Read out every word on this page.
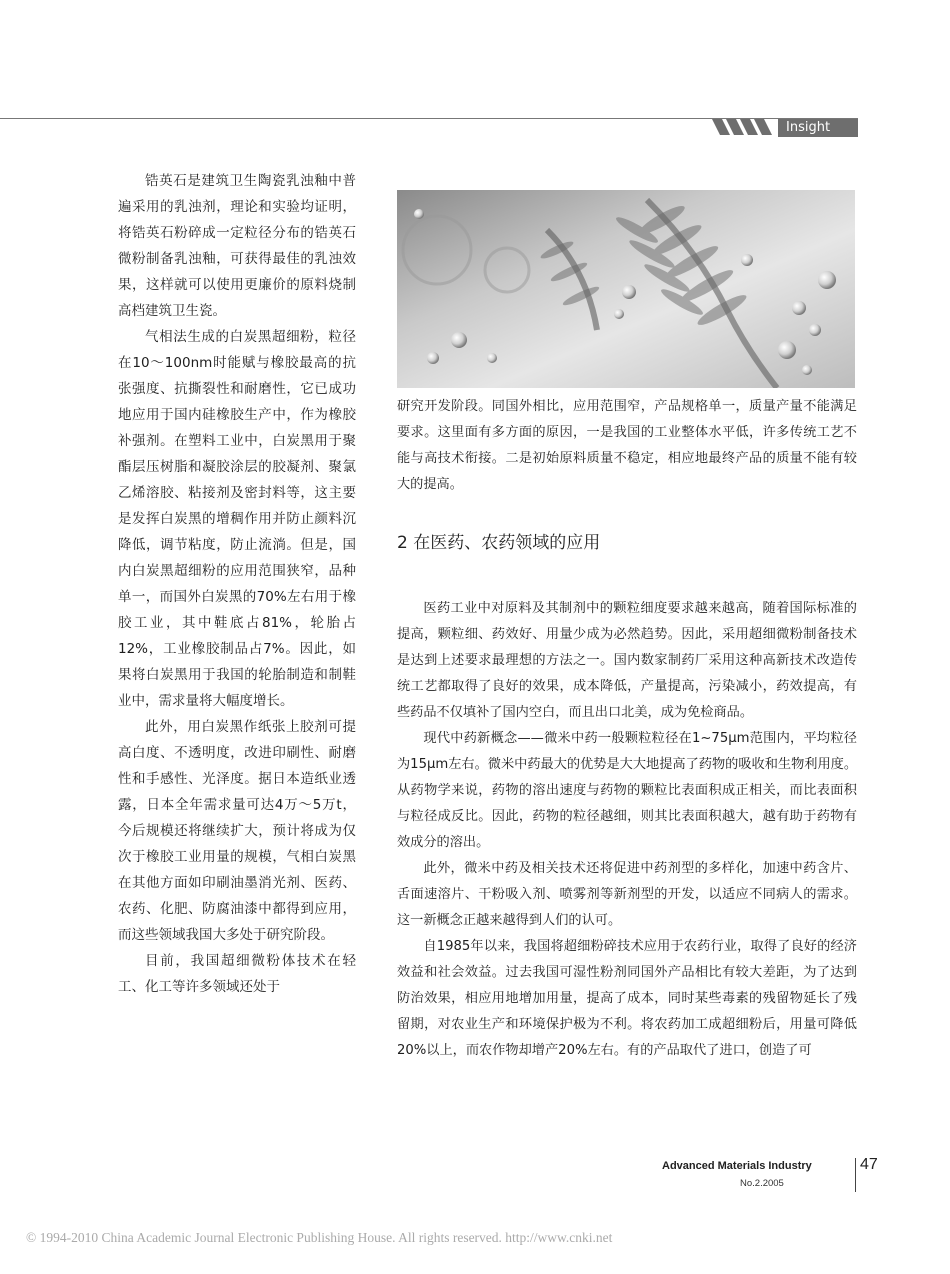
Insight

锆英石是建筑卫生陶瓷乳浊釉中普遍采用的乳浊剂，理论和实验均证明，将锆英石粉碎成一定粒径分布的锆英石微粉制备乳浊釉，可获得最佳的乳浊效果，这样就可以使用更廉价的原料烧制高档建筑卫生瓷。

气相法生成的白炭黑超细粉，粒径在10～100nm时能赋与橡胶最高的抗张强度、抗撕裂性和耐磨性，它已成功地应用于国内硅橡胶生产中，作为橡胶补强剂。在塑料工业中，白炭黑用于聚酯层压树脂和凝胶涂层的胶凝剂、聚氯乙烯溶胶、粘接剂及密封料等，这主要是发挥白炭黑的增稠作用并防止颜料沉降低，调节粘度，防止流淌。但是，国内白炭黑超细粉的应用范围狭窄，品种单一，而国外白炭黑的70%左右用于橡胶工业，其中鞋底占81%，轮胎占12%，工业橡胶制品占7%。因此，如果将白炭黑用于我国的轮胎制造和制鞋业中，需求量将大幅度增长。

此外，用白炭黑作纸张上胶剂可提高白度、不透明度，改进印刷性、耐磨性和手感性、光泽度。据日本造纸业透露，日本全年需求量可达4万～5万t，今后规模还将继续扩大，预计将成为仅次于橡胶工业用量的规模，气相白炭黑在其他方面如印刷油墨消光剂、医药、农药、化肥、防腐油漆中都得到应用，而这些领域我国大多处于研究阶段。

目前，我国超细微粉体技术在轻工、化工等许多领域还处于

研究开发阶段。同国外相比，应用范围窄，产品规格单一，质量产量不能满足要求。这里面有多方面的原因，一是我国的工业整体水平低，许多传统工艺不能与高技术衔接。二是初始原料质量不稳定，相应地最终产品的质量不能有较大的提高。

2 在医药、农药领域的应用

医药工业中对原料及其制剂中的颗粒细度要求越来越高，随着国际标准的提高，颗粒细、药效好、用量少成为必然趋势。因此，采用超细微粉制备技术是达到上述要求最理想的方法之一。国内数家制药厂采用这种高新技术改造传统工艺都取得了良好的效果，成本降低，产量提高，污染减小，药效提高，有些药品不仅填补了国内空白，而且出口北美，成为免检商品。

现代中药新概念——微米中药一般颗粒粒径在1~75μm范围内，平均粒径为15μm左右。微米中药最大的优势是大大地提高了药物的吸收和生物利用度。从药物学来说，药物的溶出速度与药物的颗粒比表面积成正相关，而比表面积与粒径成反比。因此，药物的粒径越细，则其比表面积越大，越有助于药物有效成分的溶出。

此外，微米中药及相关技术还将促进中药剂型的多样化，加速中药含片、舌面速溶片、干粉吸入剂、喷雾剂等新剂型的开发，以适应不同病人的需求。这一新概念正越来越得到人们的认可。

自1985年以来，我国将超细粉碎技术应用于农药行业，取得了良好的经济效益和社会效益。过去我国可湿性粉剂同国外产品相比有较大差距，为了达到防治效果，相应用地增加用量，提高了成本，同时某些毒素的残留物延长了残留期，对农业生产和环境保护极为不利。将农药加工成超细粉后，用量可降低20%以上，而农作物却增产20%左右。有的产品取代了进口，创造了可

Advanced Materials Industry
No.2.2005
47
© 1994-2010 China Academic Journal Electronic Publishing House. All rights reserved. http://www.cnki.net
